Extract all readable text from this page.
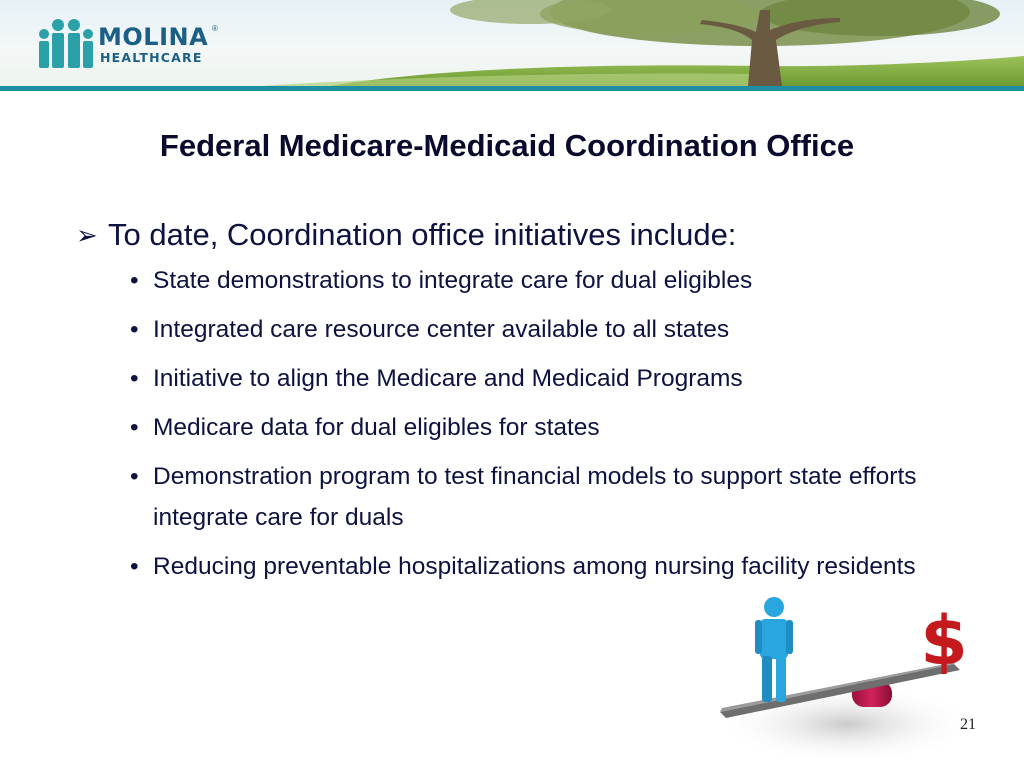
MOLINA ®
HEALTHCARE
Federal Medicare-Medicaid Coordination Office
➢ To date, Coordination office initiatives include:
• State demonstrations to integrate care for dual eligibles
• Integrated care resource center available to all states
• Initiative to align the Medicare and Medicaid Programs
• Medicare data for dual eligibles for states
• Demonstration program to test financial models to support state efforts integrate care for duals
• Reducing preventable hospitalizations among nursing facility residents
$
21
